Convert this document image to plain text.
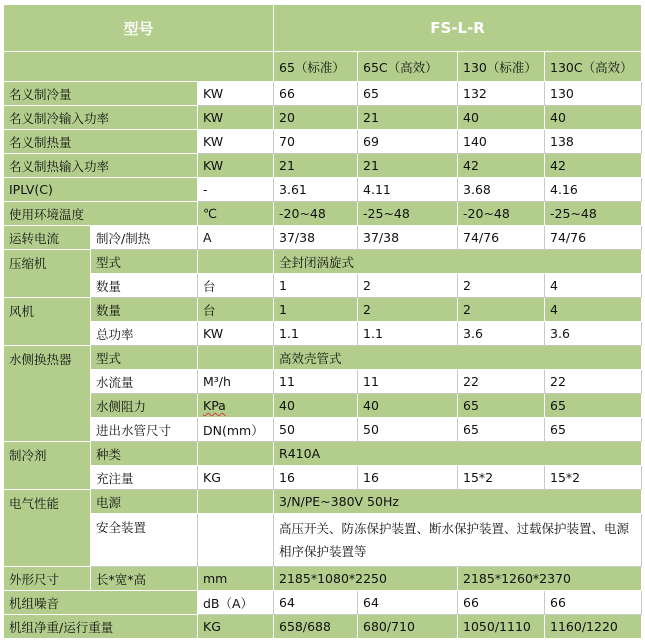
型号			FS-L-R			
			65（标准）	65C（高效）	130（标准）	130C（高效）
名义制冷量		KW	66	65	132	130
名义制冷输入功率		KW	20	21	40	40
名义制热量		KW	70	69	140	138
名义制热输入功率		KW	21	21	42	42
IPLV(C)		-	3.61	4.11	3.68	4.16
使用环境温度		℃	-20~48	-25~48	-20~48	-25~48
运转电流	制冷/制热	A	37/38	37/38	74/76	74/76
压缩机	型式		全封闭涡旋式			
	数量	台	1	2	2	4
风机	数量	台	1	2	2	4
	总功率	KW	1.1	1.1	3.6	3.6
水侧换热器	型式		高效壳管式			
	水流量	M³/h	11	11	22	22
	水侧阻力	KPa	40	40	65	65
	进出水管尺寸	DN(mm）	50	50	65	65
制冷剂	种类		R410A			
	充注量	KG	16	16	15*2	15*2
电气性能	电源		3/N/PE~380V 50Hz			
	安全装置		高压开关、防冻保护装置、断水保护装置、过载保护装置、电源相序保护装置等			
外形尺寸	长*宽*高	mm	2185*1080*2250		2185*1260*2370	
机组噪音		dB（A）	64	64	66	66
机组净重/运行重量		KG	658/688	680/710	1050/1110	1160/1220
